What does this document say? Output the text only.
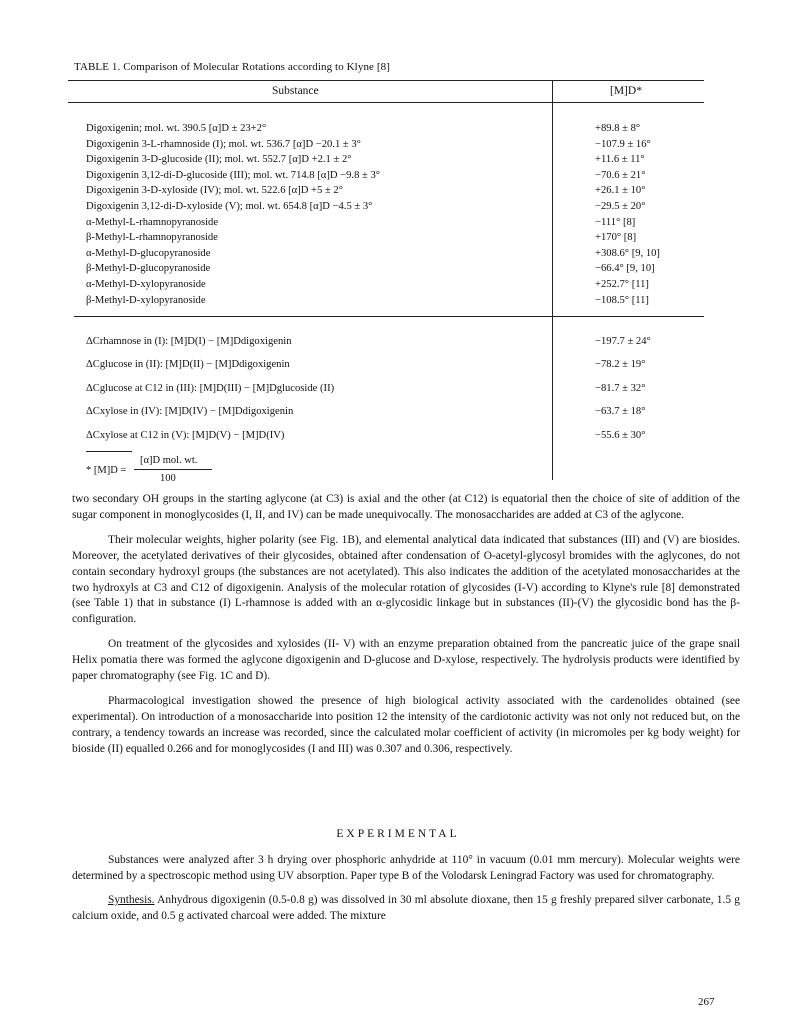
TABLE 1. Comparison of Molecular Rotations according to Klyne [8]
Substance	[M]D*
Digoxigenin; mol. wt. 390.5 [α]D ± 23+2°
Digoxigenin 3-L-rhamnoside (I); mol. wt. 536.7 [α]D −20.1 ± 3°
Digoxigenin 3-D-glucoside (II); mol. wt. 552.7 [α]D +2.1 ± 2°
Digoxigenin 3,12-di-D-glucoside (III); mol. wt. 714.8 [α]D −9.8 ± 3°
Digoxigenin 3-D-xyloside (IV); mol. wt. 522.6 [α]D +5 ± 2°
Digoxigenin 3,12-di-D-xyloside (V); mol. wt. 654.8 [α]D −4.5 ± 3°
α-Methyl-L-rhamnopyranoside
β-Methyl-L-rhamnopyranoside
α-Methyl-D-glucopyranoside
β-Methyl-D-glucopyranoside
α-Methyl-D-xylopyranoside
β-Methyl-D-xylopyranoside
+89.8 ± 8°
−107.9 ± 16°
+11.6 ± 11°
−70.6 ± 21°
+26.1 ± 10°
−29.5 ± 20°
−111° [8]
+170° [8]
+308.6° [9, 10]
−66.4° [9, 10]
+252.7° [11]
−108.5° [11]
ΔCrhamnose in (I): [M]D(I) − [M]Ddigoxigenin
ΔCglucose in (II): [M]D(II) − [M]Ddigoxigenin
ΔCglucose at C12 in (III): [M]D(III) − [M]Dglucoside (II)
ΔCxylose in (IV): [M]D(IV) − [M]Ddigoxigenin
ΔCxylose at C12 in (V): [M]D(V) − [M]D(IV)
−197.7 ± 24°
−78.2 ± 19°
−81.7 ± 32°
−63.7 ± 18°
−55.6 ± 30°
* [M]D =
[α]D mol. wt.
100

two secondary OH groups in the starting aglycone (at C3) is axial and the other (at C12) is equatorial then the choice of site of addition of the sugar component in monoglycosides (I, II, and IV) can be made unequivocally. The monosaccharides are added at C3 of the aglycone.

Their molecular weights, higher polarity (see Fig. 1B), and elemental analytical data indicated that substances (III) and (V) are biosides. Moreover, the acetylated derivatives of their glycosides, obtained after condensation of O-acetyl-glycosyl bromides with the aglycones, do not contain secondary hydroxyl groups (the substances are not acetylated). This also indicates the addition of the acetylated monosaccharides at the two hydroxyls at C3 and C12 of digoxigenin. Analysis of the molecular rotation of glycosides (I-V) according to Klyne's rule [8] demonstrated (see Table 1) that in substance (I) L-rhamnose is added with an α-glycosidic linkage but in substances (II)-(V) the glycosidic bond has the β-configuration.

On treatment of the glycosides and xylosides (II- V) with an enzyme preparation obtained from the pancreatic juice of the grape snail Helix pomatia there was formed the aglycone digoxigenin and D-glucose and D-xylose, respectively. The hydrolysis products were identified by paper chromatography (see Fig. 1C and D).

Pharmacological investigation showed the presence of high biological activity associated with the cardenolides obtained (see experimental). On introduction of a monosaccharide into position 12 the intensity of the cardiotonic activity was not only not reduced but, on the contrary, a tendency towards an increase was recorded, since the calculated molar coefficient of activity (in micromoles per kg body weight) for bioside (II) equalled 0.266 and for monoglycosides (I and III) was 0.307 and 0.306, respectively.

EXPERIMENTAL

Substances were analyzed after 3 h drying over phosphoric anhydride at 110° in vacuum (0.01 mm mercury). Molecular weights were determined by a spectroscopic method using UV absorption. Paper type B of the Volodarsk Leningrad Factory was used for chromatography.

Synthesis. Anhydrous digoxigenin (0.5-0.8 g) was dissolved in 30 ml absolute dioxane, then 15 g freshly prepared silver carbonate, 1.5 g calcium oxide, and 0.5 g activated charcoal were added. The mixture

267
